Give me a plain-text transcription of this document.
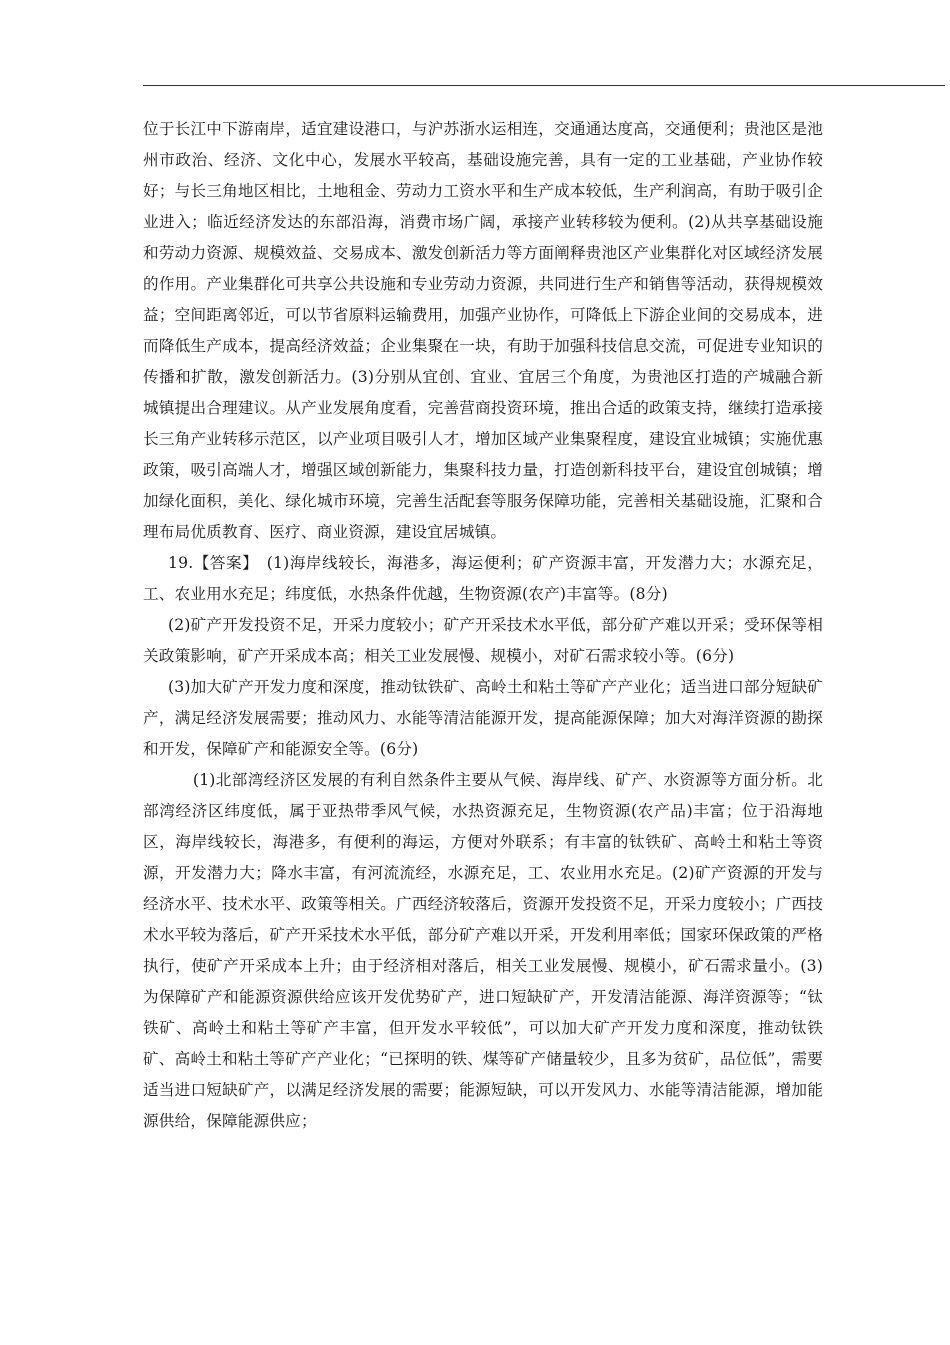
位于长江中下游南岸，适宜建设港口，与沪苏浙水运相连，交通通达度高，交通便利；贵池区是池州市政治、经济、文化中心，发展水平较高，基础设施完善，具有一定的工业基础，产业协作较好；与长三角地区相比，土地租金、劳动力工资水平和生产成本较低，生产利润高，有助于吸引企业进入；临近经济发达的东部沿海，消费市场广阔，承接产业转移较为便利。(2)从共享基础设施和劳动力资源、规模效益、交易成本、激发创新活力等方面阐释贵池区产业集群化对区域经济发展的作用。产业集群化可共享公共设施和专业劳动力资源，共同进行生产和销售等活动，获得规模效益；空间距离邻近，可以节省原料运输费用，加强产业协作，可降低上下游企业间的交易成本，进而降低生产成本，提高经济效益；企业集聚在一块，有助于加强科技信息交流，可促进专业知识的传播和扩散，激发创新活力。(3)分别从宜创、宜业、宜居三个角度，为贵池区打造的产城融合新城镇提出合理建议。从产业发展角度看，完善营商投资环境，推出合适的政策支持，继续打造承接长三角产业转移示范区，以产业项目吸引人才，增加区域产业集聚程度，建设宜业城镇；实施优惠政策，吸引高端人才，增强区域创新能力，集聚科技力量，打造创新科技平台，建设宜创城镇；增加绿化面积，美化、绿化城市环境，完善生活配套等服务保障功能，完善相关基础设施，汇聚和合理布局优质教育、医疗、商业资源，建设宜居城镇。

19.【答案】　(1)海岸线较长，海港多，海运便利；矿产资源丰富，开发潜力大；水源充足，工、农业用水充足；纬度低，水热条件优越，生物资源(农产)丰富等。(8分)

(2)矿产开发投资不足，开采力度较小；矿产开采技术水平低，部分矿产难以开采；受环保等相关政策影响，矿产开采成本高；相关工业发展慢、规模小，对矿石需求较小等。(6分)

(3)加大矿产开发力度和深度，推动钛铁矿、高岭土和粘土等矿产产业化；适当进口部分短缺矿产，满足经济发展需要；推动风力、水能等清洁能源开发，提高能源保障；加大对海洋资源的勘探和开发，保障矿产和能源安全等。(6分)

(1)北部湾经济区发展的有利自然条件主要从气候、海岸线、矿产、水资源等方面分析。北部湾经济区纬度低，属于亚热带季风气候，水热资源充足，生物资源(农产品)丰富；位于沿海地区，海岸线较长，海港多，有便利的海运，方便对外联系；有丰富的钛铁矿、高岭土和粘土等资源，开发潜力大；降水丰富，有河流流经，水源充足，工、农业用水充足。(2)矿产资源的开发与经济水平、技术水平、政策等相关。广西经济较落后，资源开发投资不足，开采力度较小；广西技术水平较为落后，矿产开采技术水平低，部分矿产难以开采，开发利用率低；国家环保政策的严格执行，使矿产开采成本上升；由于经济相对落后，相关工业发展慢、规模小，矿石需求量小。(3)为保障矿产和能源资源供给应该开发优势矿产，进口短缺矿产，开发清洁能源、海洋资源等；“钛铁矿、高岭土和粘土等矿产丰富，但开发水平较低”，可以加大矿产开发力度和深度，推动钛铁矿、高岭土和粘土等矿产产业化；“已探明的铁、煤等矿产储量较少，且多为贫矿，品位低”，需要适当进口短缺矿产，以满足经济发展的需要；能源短缺，可以开发风力、水能等清洁能源，增加能源供给，保障能源供应；
